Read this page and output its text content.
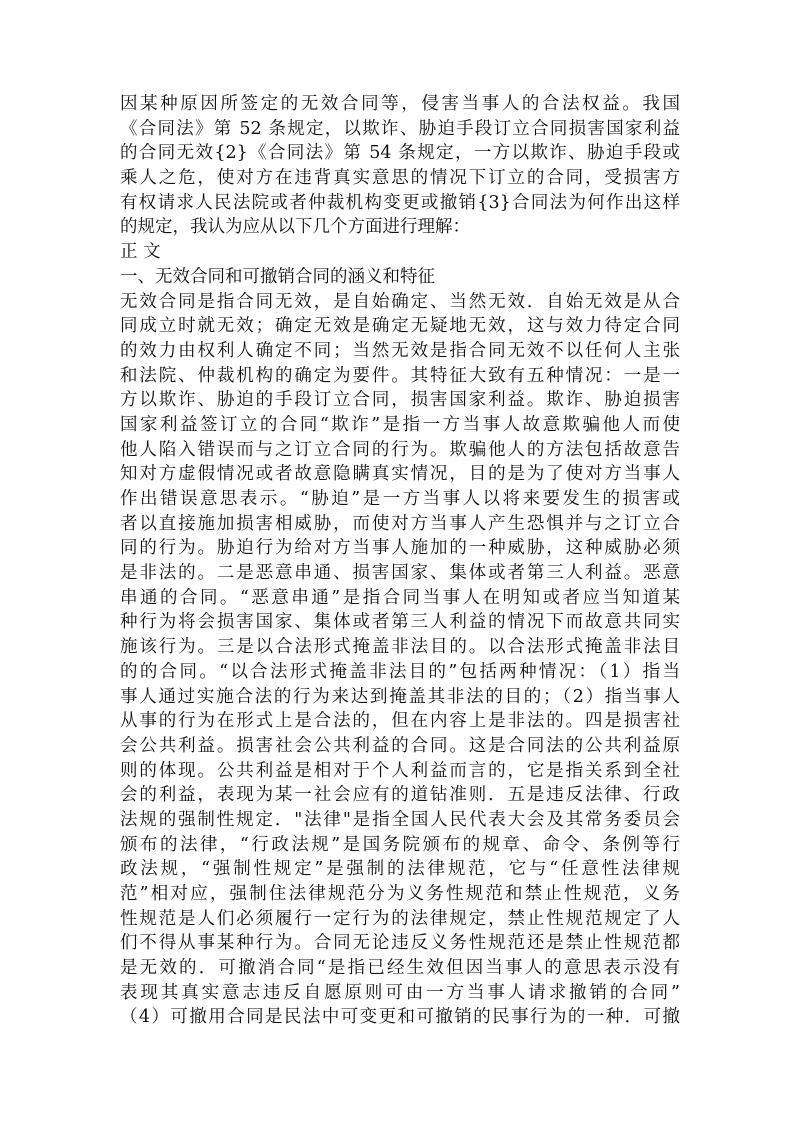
因某种原因所签定的无效合同等，侵害当事人的合法权益。我国
《合同法》第 52 条规定，以欺诈、胁迫手段订立合同损害国家利益
的合同无效{2}《合同法》第 54 条规定，一方以欺诈、胁迫手段或
乘人之危，使对方在违背真实意思的情况下订立的合同，受损害方
有权请求人民法院或者仲裁机构变更或撤销{3}合同法为何作出这样
的规定，我认为应从以下几个方面进行理解：
正 文
一、无效合同和可撤销合同的涵义和特征
无效合同是指合同无效，是自始确定、当然无效．自始无效是从合
同成立时就无效；确定无效是确定无疑地无效，这与效力待定合同
的效力由权利人确定不同；当然无效是指合同无效不以任何人主张
和法院、仲裁机构的确定为要件。其特征大致有五种情况：一是一
方以欺诈、胁迫的手段订立合同，损害国家利益。欺诈、胁迫损害
国家利益签订立的合同“欺诈”是指一方当事人故意欺骗他人而使
他人陷入错误而与之订立合同的行为。欺骗他人的方法包括故意告
知对方虚假情况或者故意隐瞒真实情况，目的是为了使对方当事人
作出错误意思表示。“胁迫”是一方当事人以将来要发生的损害或
者以直接施加损害相威胁，而使对方当事人产生恐惧并与之订立合
同的行为。胁迫行为给对方当事人施加的一种威胁，这种威胁必须
是非法的。二是恶意串通、损害国家、集体或者第三人利益。恶意
串通的合同。“恶意串通”是指合同当事人在明知或者应当知道某
种行为将会损害国家、集体或者第三人利益的情况下而故意共同实
施该行为。三是以合法形式掩盖非法目的。以合法形式掩盖非法目
的的合同。“以合法形式掩盖非法目的”包括两种情况：（1）指当
事人通过实施合法的行为来达到掩盖其非法的目的；（2）指当事人
从事的行为在形式上是合法的，但在内容上是非法的。四是损害社
会公共利益。损害社会公共利益的合同。这是合同法的公共利益原
则的体现。公共利益是相对于个人利益而言的，它是指关系到全社
会的利益，表现为某一社会应有的道钻准则．五是违反法律、行政
法规的强制性规定．"法律"是指全国人民代表大会及其常务委员会
颁布的法律，“行政法规”是国务院颁布的规章、命令、条例等行
政法规，“强制性规定”是强制的法律规范，它与“任意性法律规
范”相对应，强制住法律规范分为义务性规范和禁止性规范，义务
性规范是人们必须履行一定行为的法律规定，禁止性规范规定了人
们不得从事某种行为。合同无论违反义务性规范还是禁止性规范都
是无效的．可撤消合同“是指已经生效但因当事人的意思表示没有
表现其真实意志违反自愿原则可由一方当事人请求撤销的合同”
（4）可撤用合同是民法中可变更和可撤销的民事行为的一种．可撤
